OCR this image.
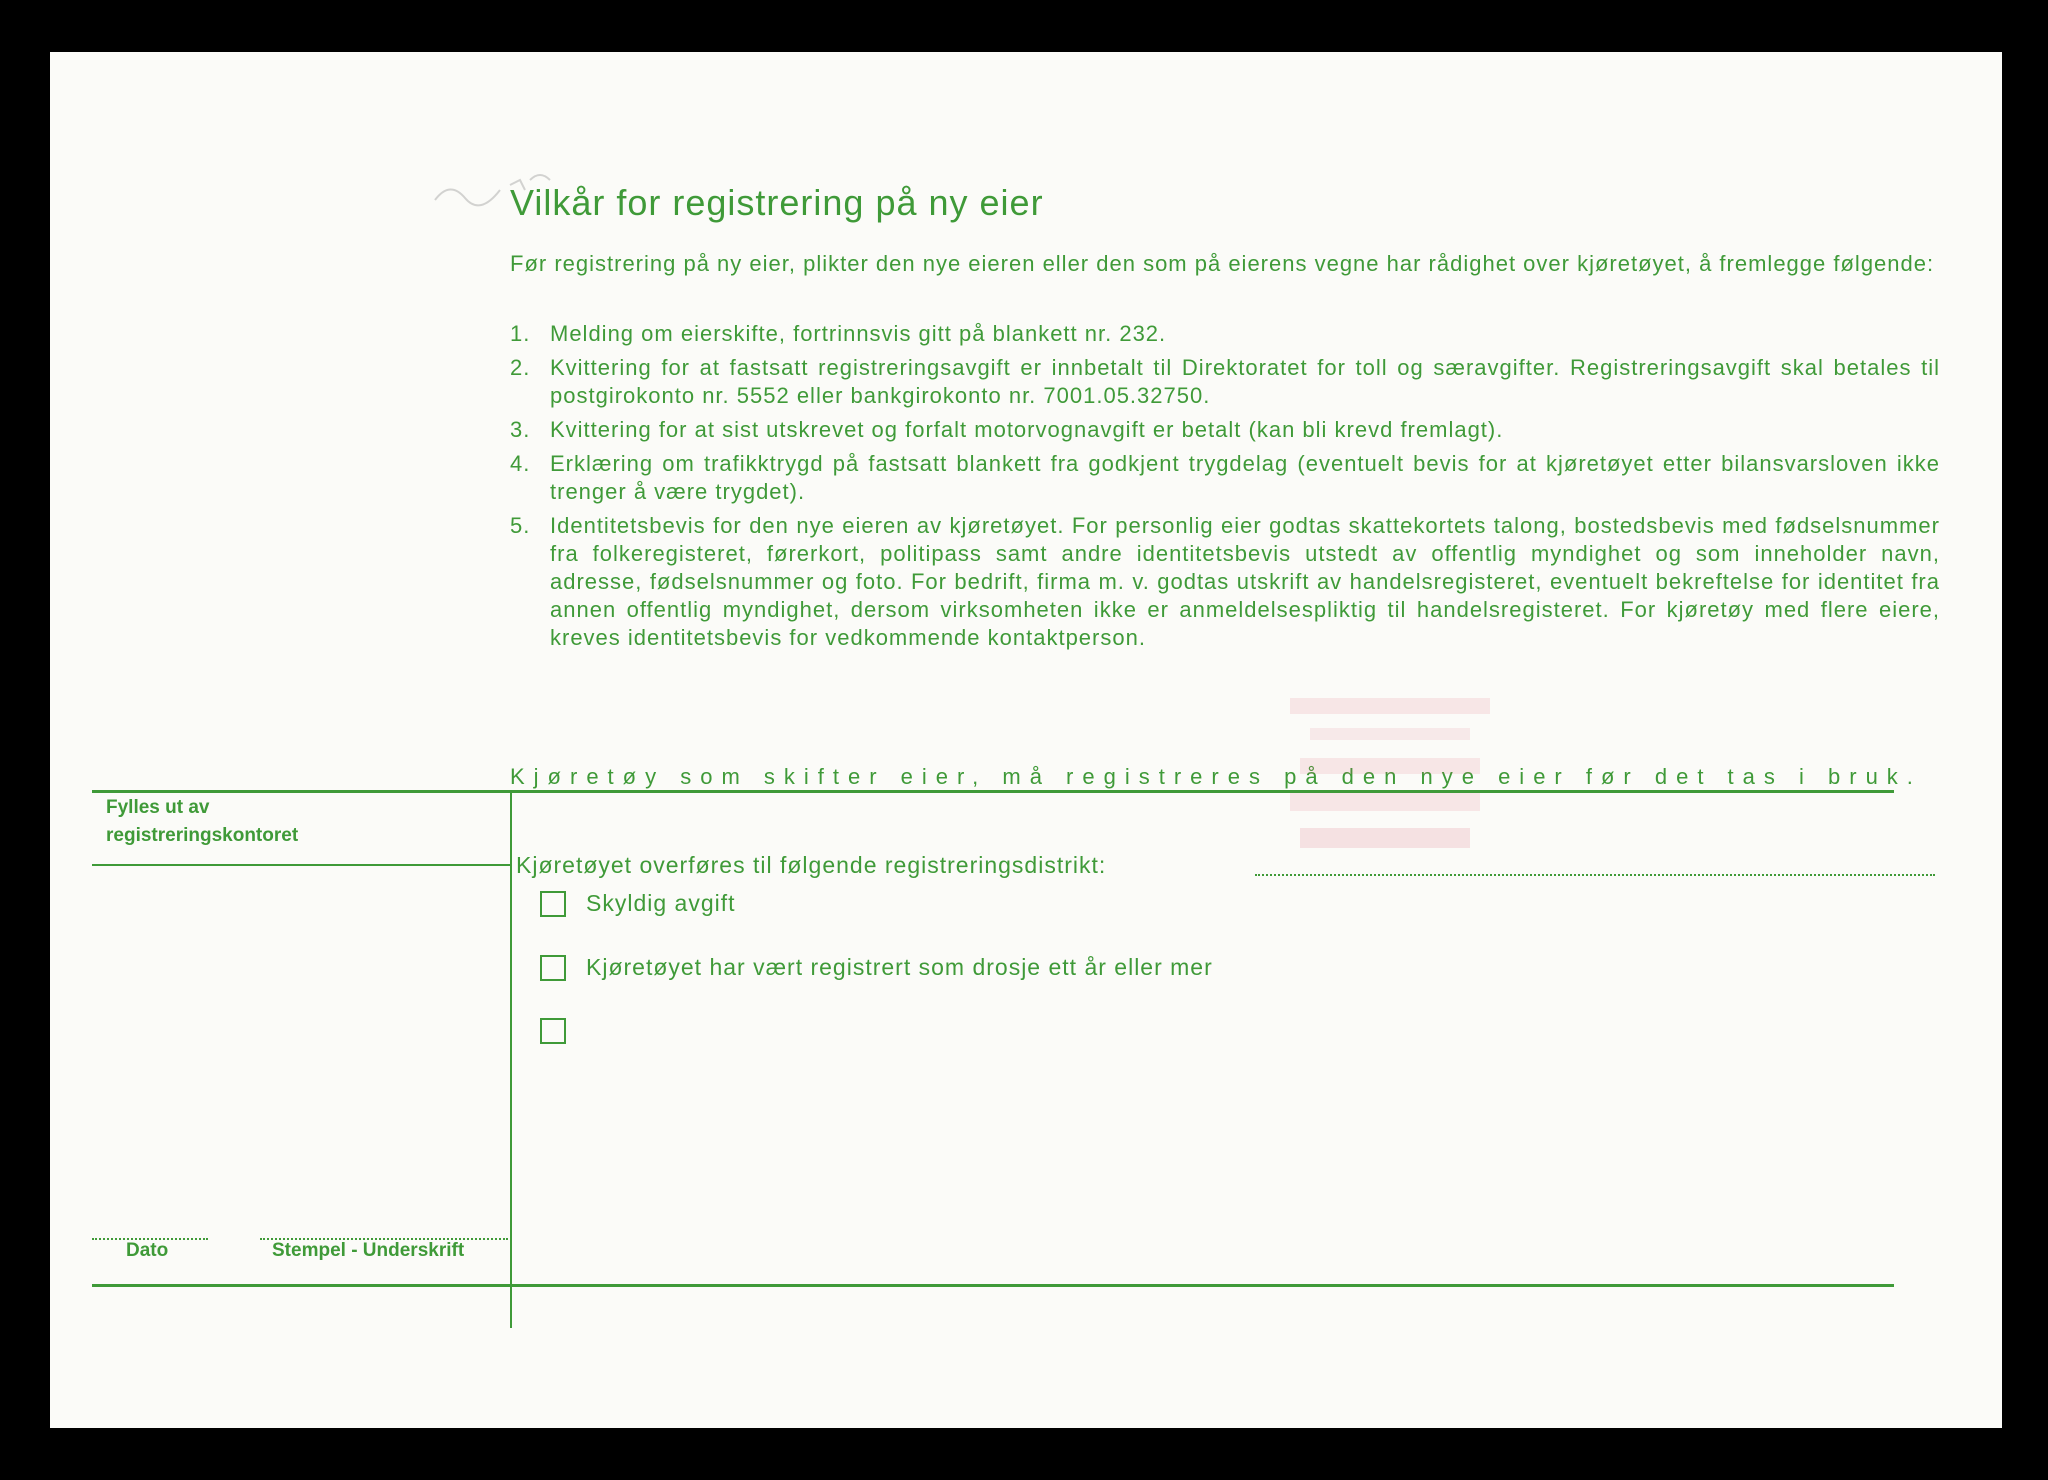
Vilkår for registrering på ny eier
Før registrering på ny eier, plikter den nye eieren eller den som på eierens vegne har rådighet over kjøretøyet, å fremlegge følgende:
1. Melding om eierskifte, fortrinnsvis gitt på blankett nr. 232.
2. Kvittering for at fastsatt registreringsavgift er innbetalt til Direktoratet for toll og særavgifter. Registreringsavgift skal betales til postgirokonto nr. 5552 eller bankgirokonto nr. 7001.05.32750.
3. Kvittering for at sist utskrevet og forfalt motorvognavgift er betalt (kan bli krevd fremlagt).
4. Erklæring om trafikktrygd på fastsatt blankett fra godkjent trygdelag (eventuelt bevis for at kjøretøyet etter bilansvarsloven ikke trenger å være trygdet).
5. Identitetsbevis for den nye eieren av kjøretøyet. For personlig eier godtas skattekortets talong, bostedsbevis med fødselsnummer fra folkeregisteret, førerkort, politipass samt andre identitetsbevis utstedt av offentlig myndighet og som inneholder navn, adresse, fødselsnummer og foto. For bedrift, firma m. v. godtas utskrift av handelsregisteret, eventuelt bekreftelse for identitet fra annen offentlig myndighet, dersom virksomheten ikke er anmeldelsespliktig til handelsregisteret. For kjøretøy med flere eiere, kreves identitetsbevis for vedkommende kontaktperson.
Kjøretøy som skifter eier, må registreres på den nye eier før det tas i bruk.
Fylles ut av
registreringskontoret
Kjøretøyet overføres til følgende registreringsdistrikt:
Skyldig avgift
Kjøretøyet har vært registrert som drosje ett år eller mer
Dato	Stempel - Underskrift
